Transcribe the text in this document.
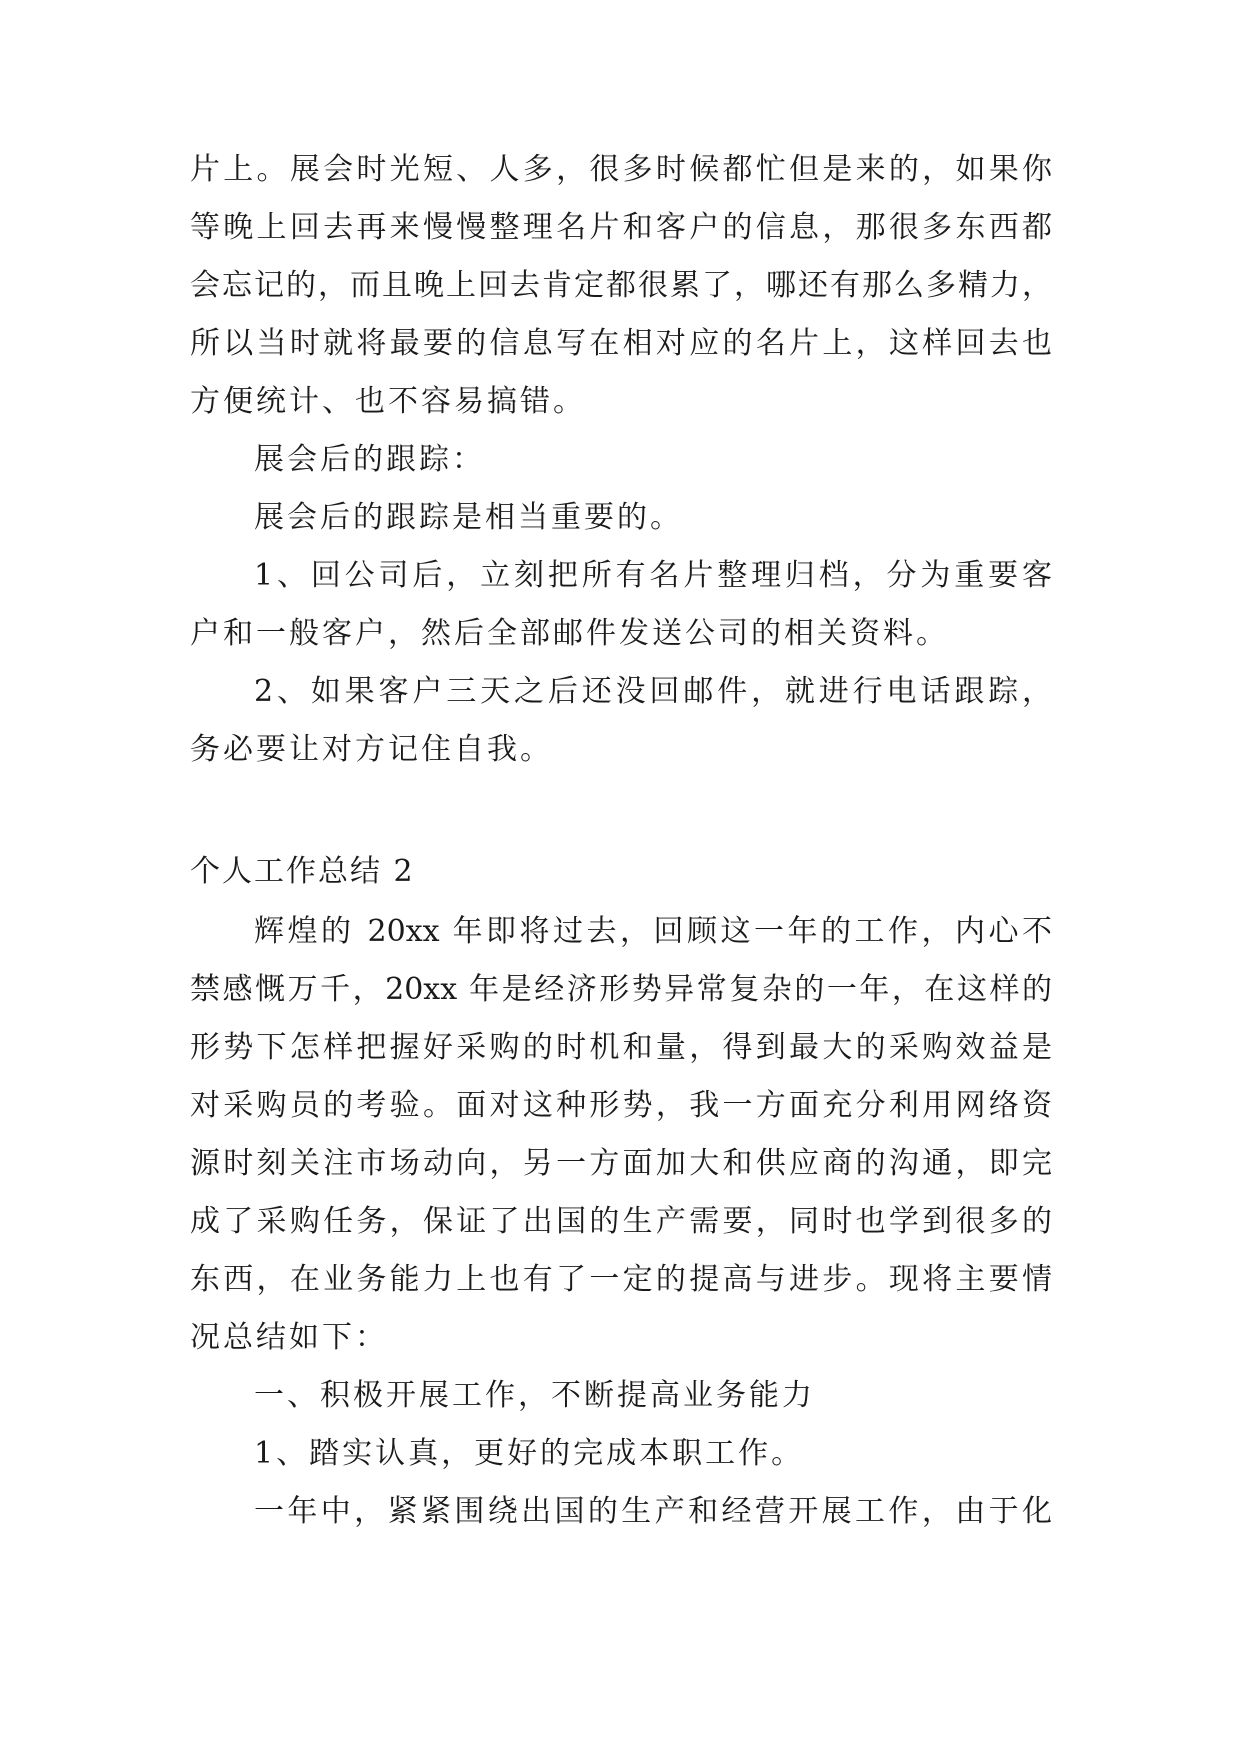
片上。展会时光短、人多，很多时候都忙但是来的，如果你

等晚上回去再来慢慢整理名片和客户的信息，那很多东西都

会忘记的，而且晚上回去肯定都很累了，哪还有那么多精力，

所以当时就将最要的信息写在相对应的名片上，这样回去也

方便统计、也不容易搞错。

展会后的跟踪：

展会后的跟踪是相当重要的。

1、回公司后，立刻把所有名片整理归档，分为重要客

户和一般客户，然后全部邮件发送公司的相关资料。

2、如果客户三天之后还没回邮件，就进行电话跟踪，

务必要让对方记住自我。

个人工作总结 2

辉煌的 20xx 年即将过去，回顾这一年的工作，内心不

禁感慨万千，20xx 年是经济形势异常复杂的一年，在这样的

形势下怎样把握好采购的时机和量，得到最大的采购效益是

对采购员的考验。面对这种形势，我一方面充分利用网络资

源时刻关注市场动向，另一方面加大和供应商的沟通，即完

成了采购任务，保证了出国的生产需要，同时也学到很多的

东西，在业务能力上也有了一定的提高与进步。现将主要情

况总结如下：

一、积极开展工作，不断提高业务能力

1、踏实认真，更好的完成本职工作。

一年中，紧紧围绕出国的生产和经营开展工作，由于化
